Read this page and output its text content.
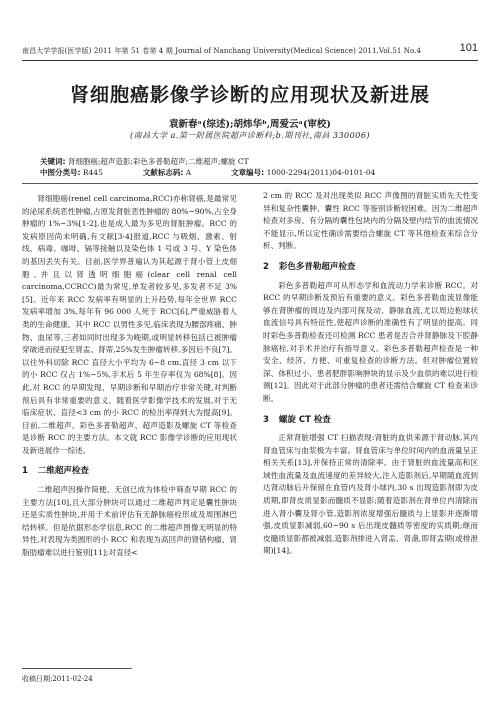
南昌大学学报(医学版) 2011 年第 51 卷第 4 期 Journal of Nanchang University(Medical Science) 2011,Vol.51 No.4	101
肾细胞癌影像学诊断的应用现状及新进展
袁新春ᵃ(综述);胡炜华ᵇ,周爱云ᵃ(审校)
(南昌大学 a.第一附属医院超声诊断科;b.期刊社,南昌 330006)
关键词: 肾细胞癌;超声造影;彩色多普勒超声;二维超声;螺旋 CT
中图分类号: R445	文献标志码: A	文章编号: 1000-2294(2011)04-0101-04

肾细胞癌(renel cell carcinoma,RCC)亦称肾癌,是最常见的泌尿系统恶性肿瘤,占原发肾脏恶性肿瘤的 80%~90%,占全身肿瘤的 1%~3%[1-2],也是成人最为多见的肾脏肿瘤。RCC 的发病原因尚未明确,有文献[3-4]报道,RCC 与吸烟、激素、射线、病毒、咖啡、镉等接触以及染色体 1 号或 3 号、Y 染色体的基因丢失有关。目前,医学界普遍认为其起源于肾小管上皮细胞,并且以肾透明细胞癌(clear cell renal cell carcinoma,CCRCC)最为常见,单发者较多见,多发者不足 3%[5]。近年来 RCC 发病率有明显的上升趋势,每年全世界 RCC 发病率增加 3%,每年有 96 000 人死于 RCC[6],严重威胁着人类的生命健康。其中 RCC 以男性多见,临床表现为腰部疼痛、肿物、血尿等,三者如同时出现多为晚期,或明显转移包括已被肿瘤穿破进而侵犯至肾盂、肾蒂,25%发生肿瘤转移,多因后不良[7]。以往外科切除 RCC 直径大小平均为 6~8 cm,直径 3 cm 以下的小 RCC 仅占 1%~5%,手术后 5 年生存率仅为 68%[8]。因此,对 RCC 的早期发现、早期诊断和早期治疗非常关键,对判断预后具有非常重要的意义。随着医学影像学技术的发展,对于无临床症状、直径<3 cm 的小 RCC 的检出率得到大为提高[9]。目前,二维超声、彩色多普勒超声、超声造影及螺旋 CT 等检查是诊断 RCC 的主要方法。本文就 RCC 影像学诊断的应用现状及新进展作一综述。

1 二维超声检查

二维超声因操作简便、无创已成为体检中筛查早期 RCC 的主要方法[10],且大部分肿块可以通过二维超声判定是囊性肿块还是实质性肿块,并用于术前评估有无静脉癌栓形成及周围淋巴结转移。但是依据形态学信息,RCC 的二维超声图像无明显的特异性,对表现为类圆形的小 RCC 和表现为高回声的肾错构瘤、肾脂肪瘤难以进行鉴别[11];对直径<

2 cm 的 RCC 及对出现类似 RCC 声像图的肾脏实质先天性变异和复杂性囊肿、囊性 RCC 等鉴别诊断较困难。因为二维超声检查对多房、有分隔的囊性包块内的分隔及壁内结节的血流情况不能显示,所以定性确诊需要结合螺旋 CT 等其他检查来综合分析、判断。

2 彩色多普勒超声检查

彩色多普勒超声可从形态学和血流动力学来诊断 RCC。对 RCC 的早期诊断及预后有重要的意义。彩色多普勒血流显像能够在肾肿瘤的周边及内部可探及动、静脉血流,尤以周边抱球状血流信号具有特征性,使超声诊断的准确性有了明显的提高。同时彩色多普勒检查还可检测 RCC 患者是否合并肾静脉及下腔静脉癌栓,对手术并治疗有指导意义。彩色多普勒超声检查是一种安全、经济、方便、可重复检查的诊断方法。但对肿瘤位置较深、体积过小、患者肥胖影响肿块的显示及少血供的难以进行检测[12]。因此对于此部分肿瘤的患者还需结合螺旋 CT 检查来诊断。

3 螺旋 CT 检查

正常肾脏增强 CT 扫描表现:肾脏的血供来源于肾动脉,其内肾血管床与血浆极为丰富。肾血管床与单位时间内的血液量呈正相关关系[13],并保持正常的清除率。由于肾脏的血流量高和区域性血流量及血流速度的差异较大,注入造影剂后,早期随血流到达肾动脉后升保留在血管内及肾小球内,30 s 出现造影剂即为皮质期,即肾皮质显影而髓质不显影;随着造影剂在肾单位内清除而进入肾小囊及肾小管,造影剂浓度增强后髓质与上显影并逐渐增强,皮质显影减弱,60~90 s 后出现皮髓质等密度的实质期;继而皮髓质显影都被减弱,造影剂排进入肾盂、肾盏,即肾盂期(或排泄期)[14]。

收稿日期:2011-02-24
